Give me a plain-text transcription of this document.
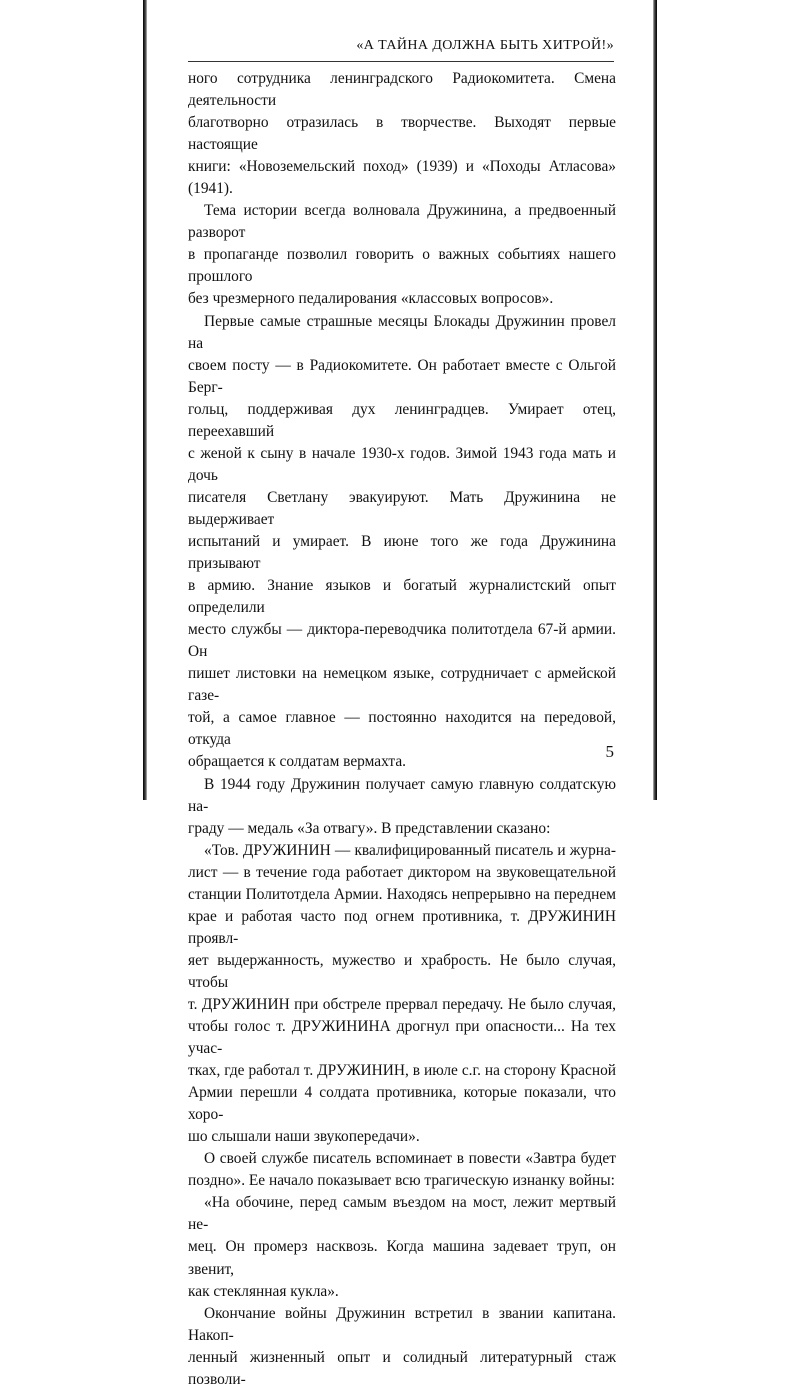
«А ТАЙНА ДОЛЖНА БЫТЬ ХИТРОЙ!»

ного сотрудника ленинградского Радиокомитета. Смена деятельности

благотворно отразилась в творчестве. Выходят первые настоящие

книги: «Новоземельский поход» (1939) и «Походы Атласова» (1941).

Тема истории всегда волновала Дружинина, а предвоенный разворот

в пропаганде позволил говорить о важных событиях нашего прошлого

без чрезмерного педалирования «классовых вопросов».

Первые самые страшные месяцы Блокады Дружинин провел на

своем посту — в Радиокомитете. Он работает вместе с Ольгой Берг-

гольц, поддерживая дух ленинградцев. Умирает отец, переехавший

с женой к сыну в начале 1930-х годов. Зимой 1943 года мать и дочь

писателя Светлану эвакуируют. Мать Дружинина не выдерживает

испытаний и умирает. В июне того же года Дружинина призывают

в армию. Знание языков и богатый журналистский опыт определили

место службы — диктора-переводчика политотдела 67-й армии. Он

пишет листовки на немецком языке, сотрудничает с армейской газе-

той, а самое главное — постоянно находится на передовой, откуда

обращается к солдатам вермахта.

В 1944 году Дружинин получает самую главную солдатскую на-

граду — медаль «За отвагу». В представлении сказано:

«Тов. ДРУЖИНИН — квалифицированный писатель и журна-

лист — в течение года работает диктором на звуковещательной

станции Политотдела Армии. Находясь непрерывно на переднем

крае и работая часто под огнем противника, т. ДРУЖИНИН проявл-

яет выдержанность, мужество и храбрость. Не было случая, чтобы

т. ДРУЖИНИН при обстреле прервал передачу. Не было случая,

чтобы голос т. ДРУЖИНИНА дрогнул при опасности... На тех учас-

тках, где работал т. ДРУЖИНИН, в июле с.г. на сторону Красной

Армии перешли 4 солдата противника, которые показали, что хоро-

шо слышали наши звукопередачи».

О своей службе писатель вспоминает в повести «Завтра будет

поздно». Ее начало показывает всю трагическую изнанку войны:

«На обочине, перед самым въездом на мост, лежит мертвый не-

мец. Он промерз насквозь. Когда машина задевает труп, он звенит,

как стеклянная кукла».

Окончание войны Дружинин встретил в звании капитана. Накоп-

ленный жизненный опыт и солидный литературный стаж позволи-

5
